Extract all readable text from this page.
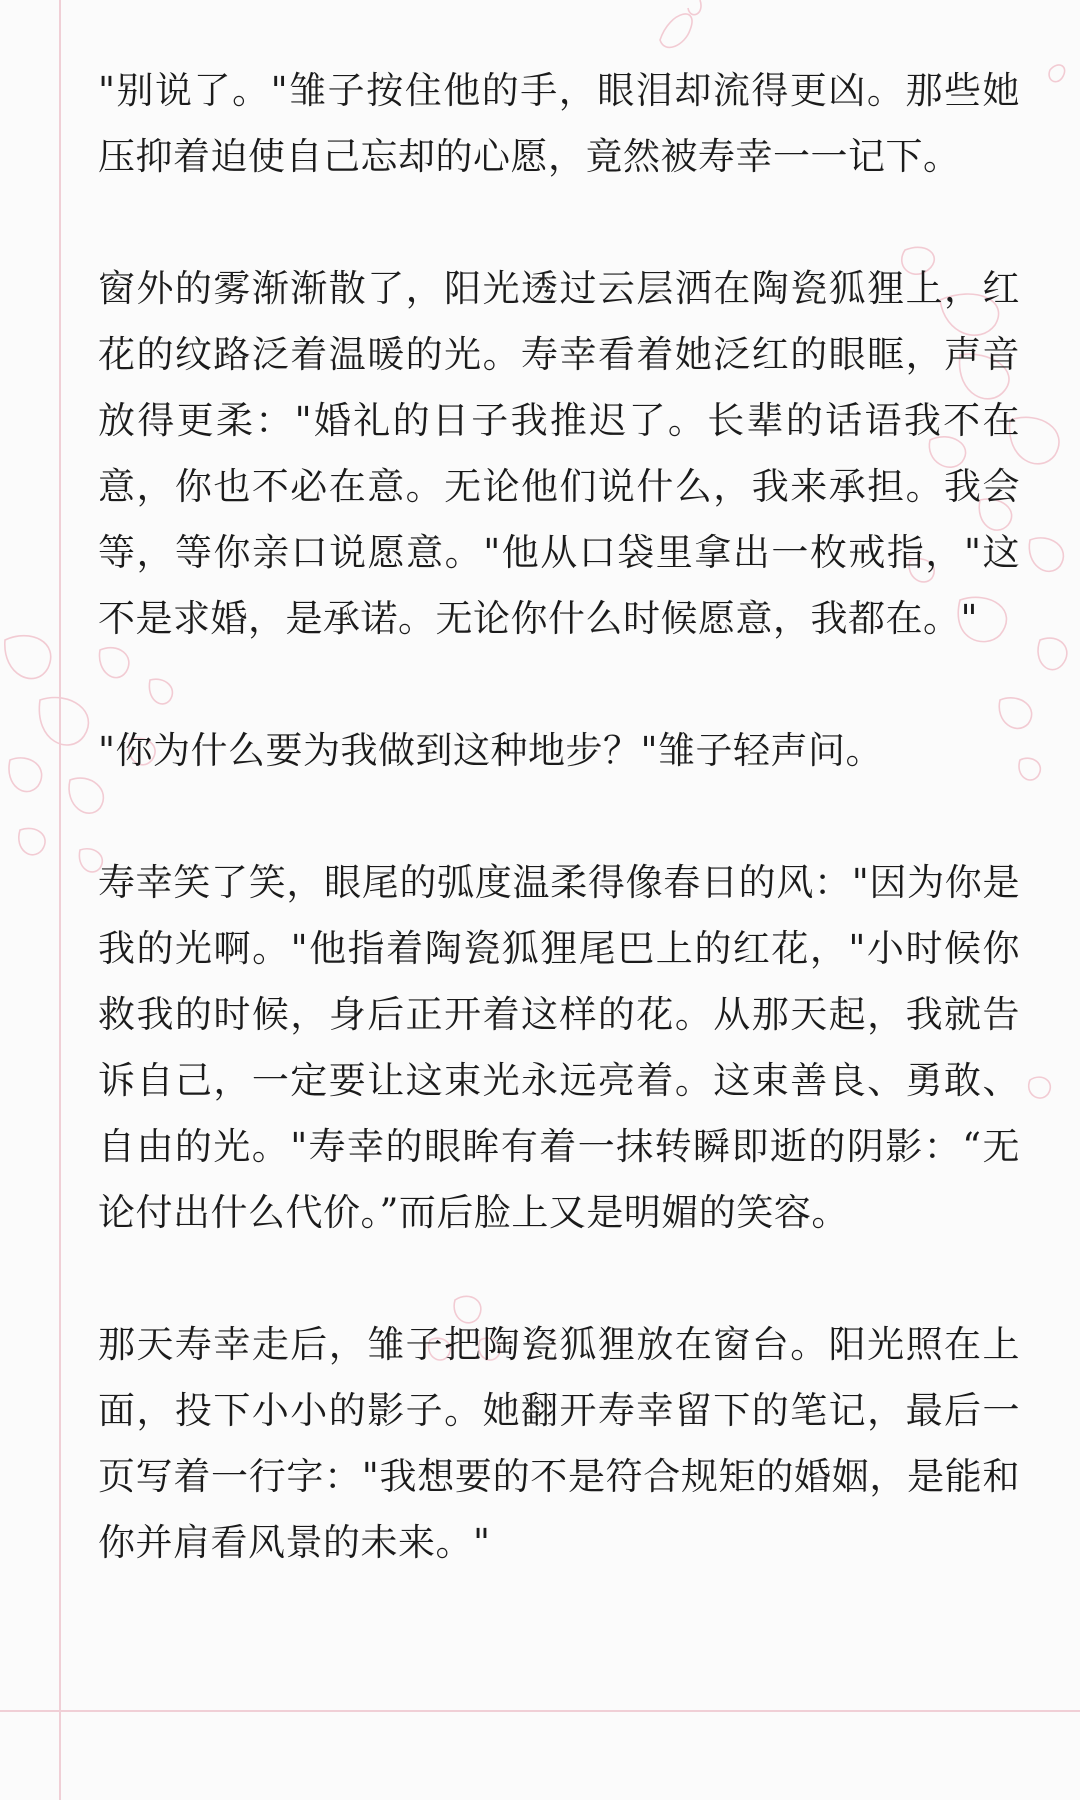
"别说了。"雏子按住他的手，眼泪却流得更凶。那些她压抑着迫使自己忘却的心愿，竟然被寿幸一一记下。

窗外的雾渐渐散了，阳光透过云层洒在陶瓷狐狸上，红花的纹路泛着温暖的光。寿幸看着她泛红的眼眶，声音放得更柔："婚礼的日子我推迟了。长辈的话语我不在意，你也不必在意。无论他们说什么，我来承担。我会等，等你亲口说愿意。"他从口袋里拿出一枚戒指，"这不是求婚，是承诺。无论你什么时候愿意，我都在。"

"你为什么要为我做到这种地步？"雏子轻声问。

寿幸笑了笑，眼尾的弧度温柔得像春日的风："因为你是我的光啊。"他指着陶瓷狐狸尾巴上的红花，"小时候你救我的时候，身后正开着这样的花。从那天起，我就告诉自己，一定要让这束光永远亮着。这束善良、勇敢、自由的光。"寿幸的眼眸有着一抹转瞬即逝的阴影：“无论付出什么代价。”而后脸上又是明媚的笑容。

那天寿幸走后，雏子把陶瓷狐狸放在窗台。阳光照在上面，投下小小的影子。她翻开寿幸留下的笔记，最后一页写着一行字："我想要的不是符合规矩的婚姻，是能和你并肩看风景的未来。"
